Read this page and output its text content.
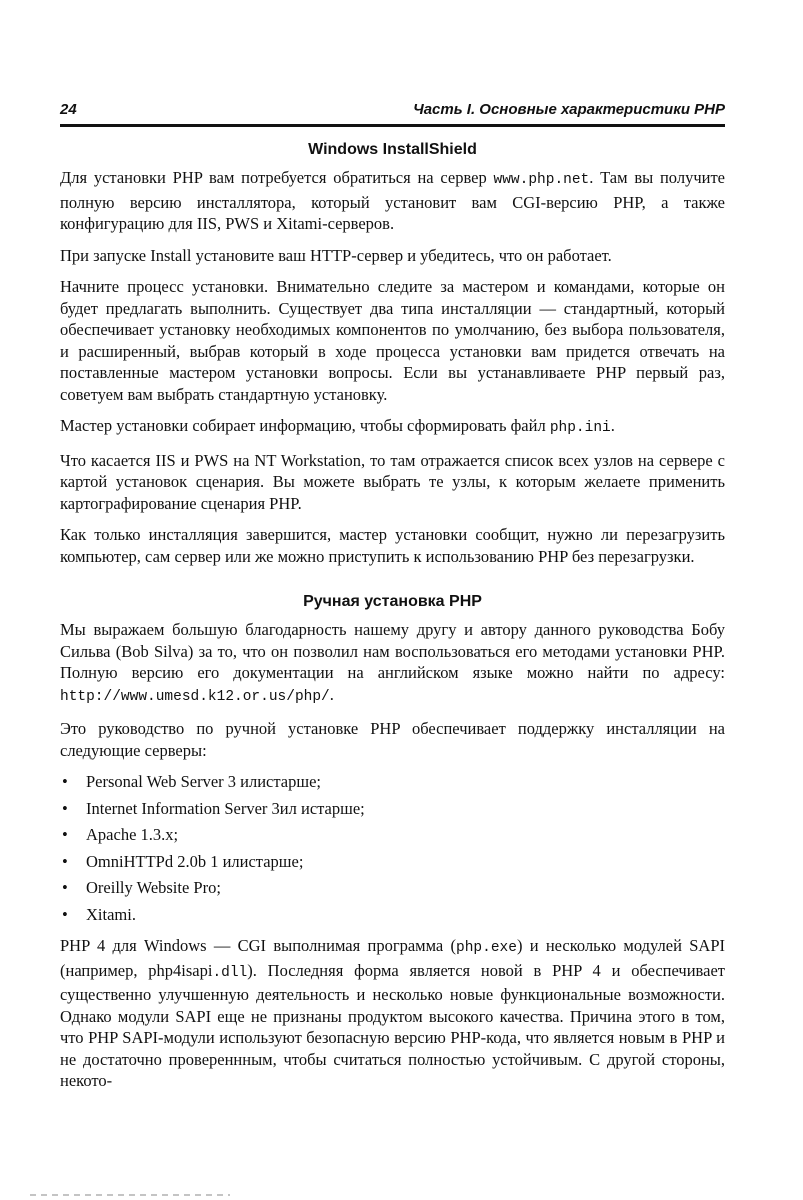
24	Часть I. Основные характеристики PHP
Windows InstallShield

Для установки PHP вам потребуется обратиться на сервер www.php.net. Там вы получите полную версию инсталлятора, который установит вам CGI-версию PHP, а также конфигурацию для IIS, PWS и Xitami-серверов.

При запуске Install установите ваш HTTP-сервер и убедитесь, что он работает.

Начните процесс установки. Внимательно следите за мастером и командами, которые он будет предлагать выполнить. Существует два типа инсталляции — стандартный, который обеспечивает установку необходимых компонентов по умолчанию, без выбора пользователя, и расширенный, выбрав который в ходе процесса установки вам придется отвечать на поставленные мастером установки вопросы. Если вы устанавливаете PHP первый раз, советуем вам выбрать стандартную установку.

Мастер установки собирает информацию, чтобы сформировать файл php.ini.

Что касается IIS и PWS на NT Workstation, то там отражается список всех узлов на сервере с картой установок сценария. Вы можете выбрать те узлы, к которым желаете применить картографирование сценария PHP.

Как только инсталляция завершится, мастер установки сообщит, нужно ли перезагрузить компьютер, сам сервер или же можно приступить к использованию PHP без перезагрузки.

Ручная установка PHP

Мы выражаем большую благодарность нашему другу и автору данного руководства Бобу Сильва (Bob Silva) за то, что он позволил нам воспользоваться его методами установки PHP. Полную версию его документации на английском языке можно найти по адресу: http://www.umesd.k12.or.us/php/.

Это руководство по ручной установке PHP обеспечивает поддержку инсталляции на следующие серверы:

• Personal Web Server 3 илистарше;
• Internet Information Server 3ил истарше;
• Apache 1.3.x;
• OmniHTTPd 2.0b 1 илистарше;
• Oreilly Website Pro;
• Xitami.

PHP 4 для Windows — CGI выполнимая программа (php.exe) и несколько модулей SAPI (например, php4isapi.dll). Последняя форма является новой в PHP 4 и обеспечивает существенно улучшенную деятельность и несколько новые функциональные возможности. Однако модули SAPI еще не признаны продуктом высокого качества. Причина этого в том, что PHP SAPI-модули используют безопасную версию PHP-кода, что является новым в PHP и не достаточно провереннным, чтобы считаться полностью устойчивым. С другой стороны, некото-
